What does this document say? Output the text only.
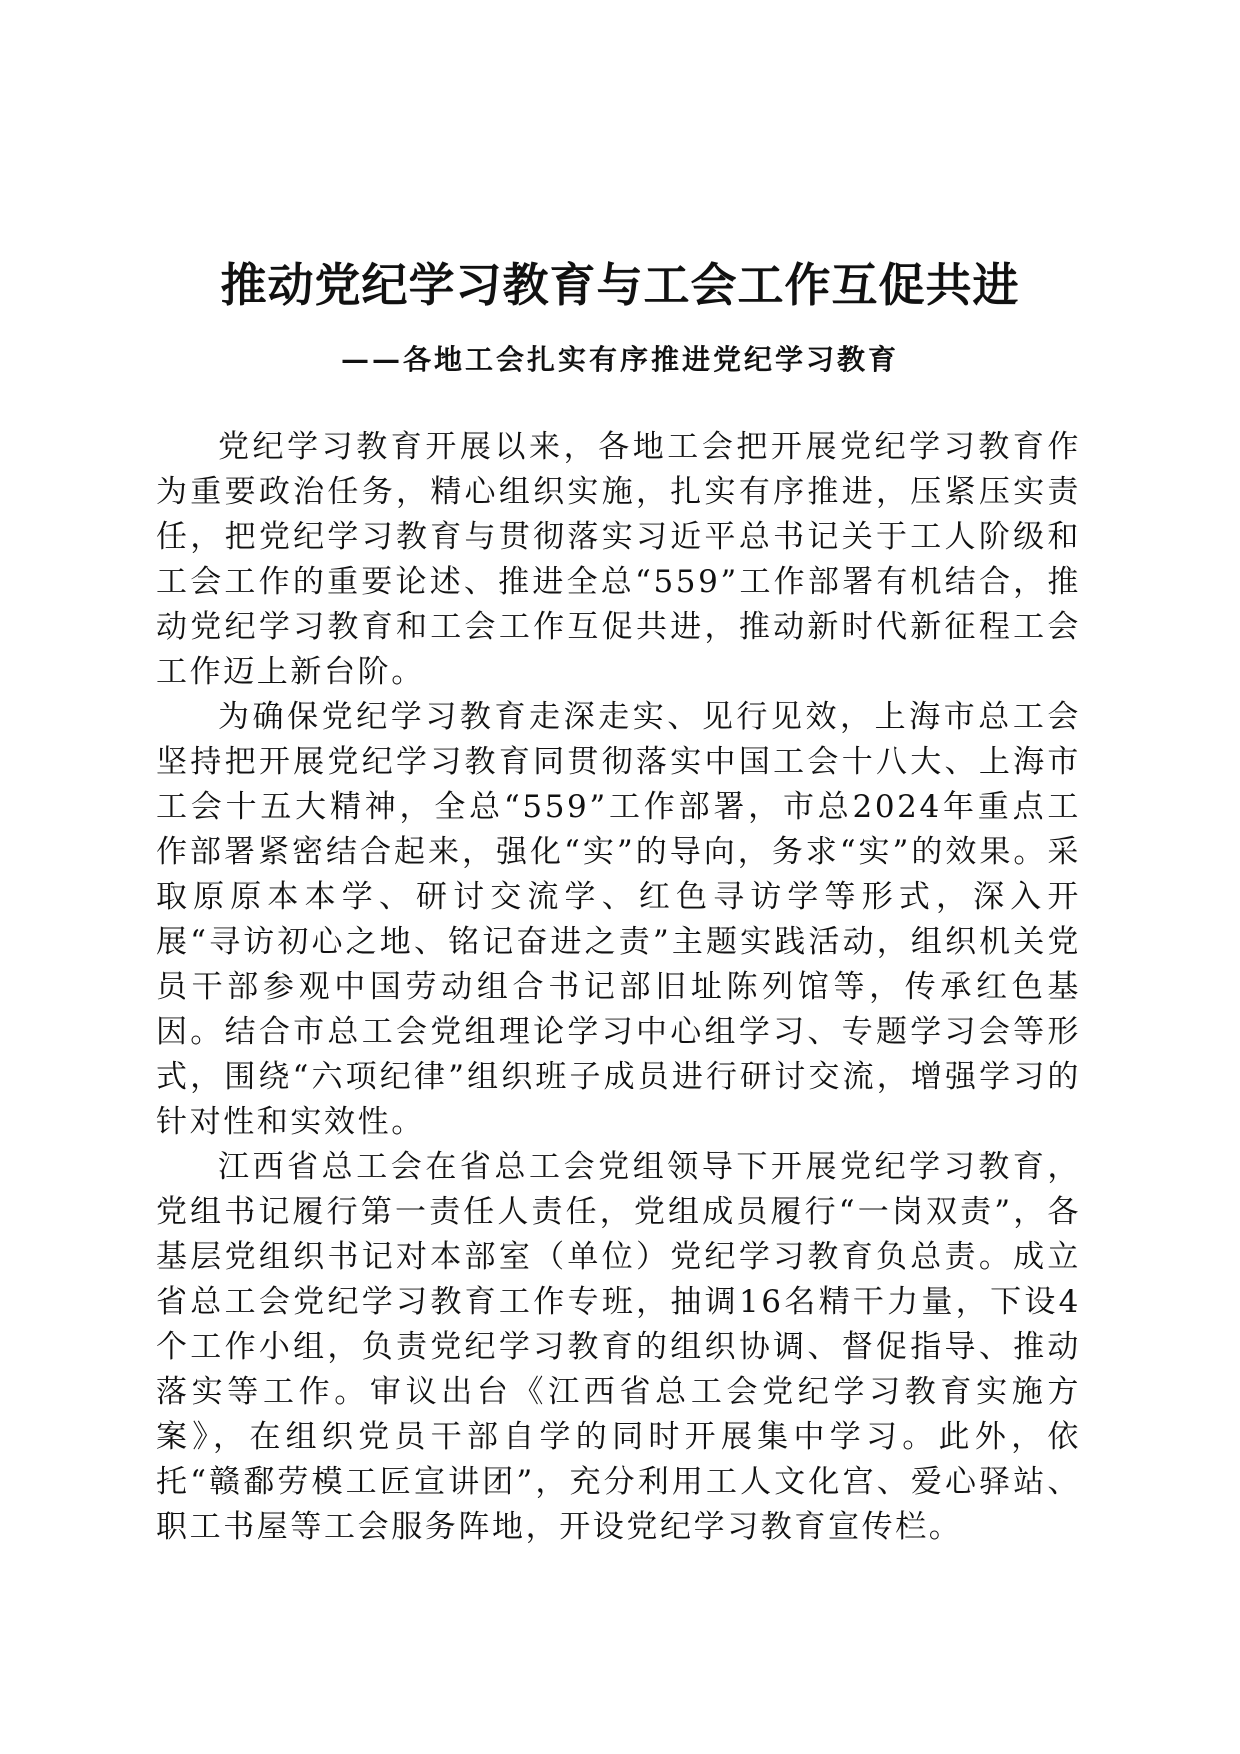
推动党纪学习教育与工会工作互促共进
——各地工会扎实有序推进党纪学习教育

党纪学习教育开展以来，各地工会把开展党纪学习教育作为重要政治任务，精心组织实施，扎实有序推进，压紧压实责任，把党纪学习教育与贯彻落实习近平总书记关于工人阶级和工会工作的重要论述、推进全总“559”工作部署有机结合，推动党纪学习教育和工会工作互促共进，推动新时代新征程工会工作迈上新台阶。

为确保党纪学习教育走深走实、见行见效，上海市总工会坚持把开展党纪学习教育同贯彻落实中国工会十八大、上海市工会十五大精神，全总“559”工作部署，市总2024年重点工作部署紧密结合起来，强化“实”的导向，务求“实”的效果。采取原原本本学、研讨交流学、红色寻访学等形式，深入开展“寻访初心之地、铭记奋进之责”主题实践活动，组织机关党员干部参观中国劳动组合书记部旧址陈列馆等，传承红色基因。结合市总工会党组理论学习中心组学习、专题学习会等形式，围绕“六项纪律”组织班子成员进行研讨交流，增强学习的针对性和实效性。

江西省总工会在省总工会党组领导下开展党纪学习教育，党组书记履行第一责任人责任，党组成员履行“一岗双责”，各基层党组织书记对本部室（单位）党纪学习教育负总责。成立省总工会党纪学习教育工作专班，抽调16名精干力量，下设4个工作小组，负责党纪学习教育的组织协调、督促指导、推动落实等工作。审议出台《江西省总工会党纪学习教育实施方案》，在组织党员干部自学的同时开展集中学习。此外，依托“赣鄱劳模工匠宣讲团”，充分利用工人文化宫、爱心驿站、职工书屋等工会服务阵地，开设党纪学习教育宣传栏。
